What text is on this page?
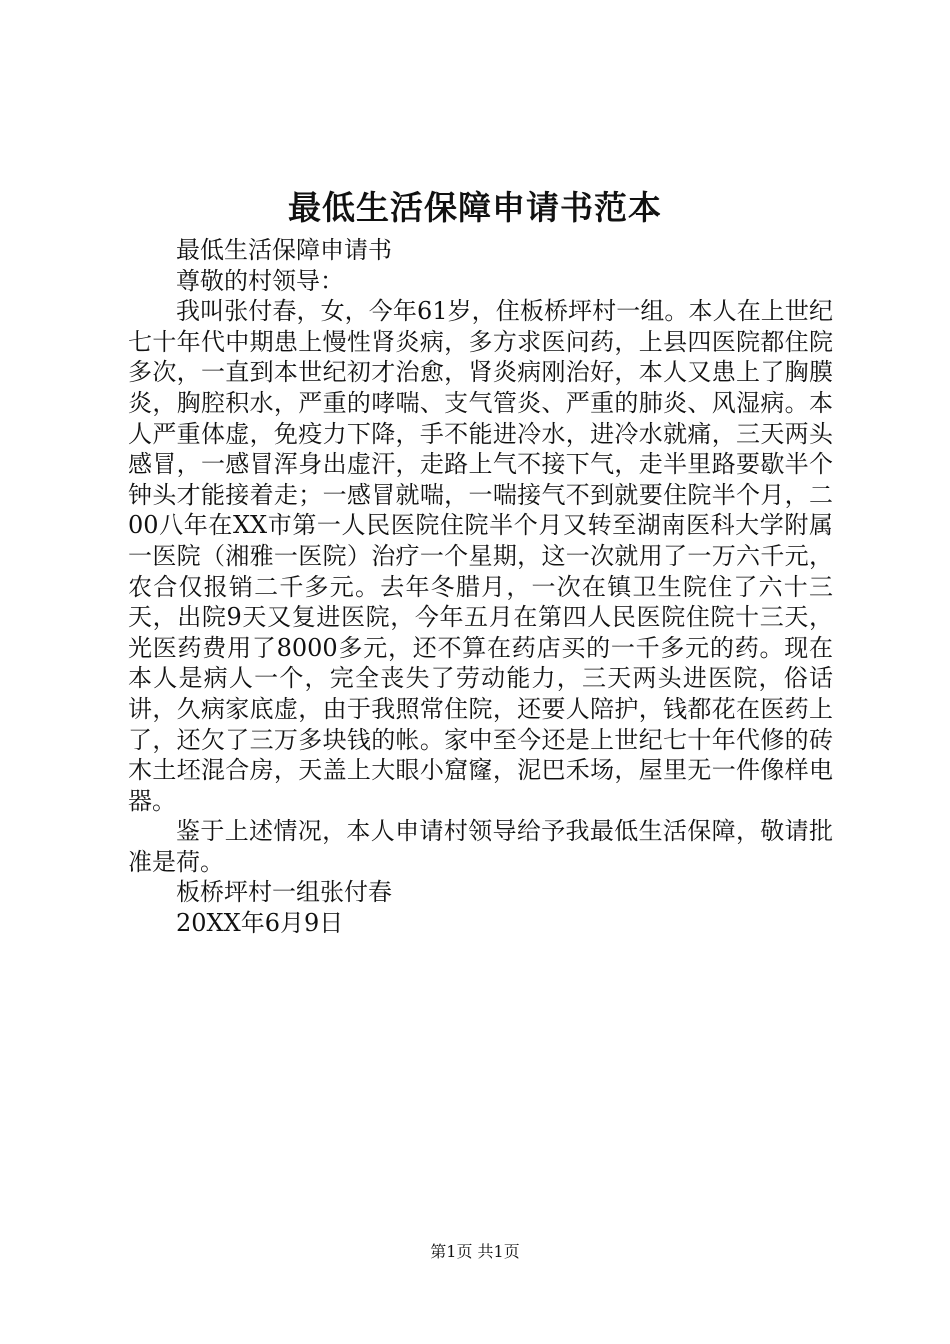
最低生活保障申请书范本

最低生活保障申请书

尊敬的村领导：

我叫张付春，女，今年61岁，住板桥坪村一组。本人在上世纪七十年代中期患上慢性肾炎病，多方求医问药，上县四医院都住院多次，一直到本世纪初才治愈，肾炎病刚治好，本人又患上了胸膜炎，胸腔积水，严重的哮喘、支气管炎、严重的肺炎、风湿病。本人严重体虚，免疫力下降，手不能进冷水，进冷水就痛，三天两头感冒，一感冒浑身出虚汗，走路上气不接下气，走半里路要歇半个钟头才能接着走；一感冒就喘，一喘接气不到就要住院半个月，二00八年在XX市第一人民医院住院半个月又转至湖南医科大学附属一医院（湘雅一医院）治疗一个星期，这一次就用了一万六千元，农合仅报销二千多元。去年冬腊月，一次在镇卫生院住了六十三天，出院9天又复进医院，今年五月在第四人民医院住院十三天，光医药费用了8000多元，还不算在药店买的一千多元的药。现在本人是病人一个，完全丧失了劳动能力，三天两头进医院，俗话讲，久病家底虚，由于我照常住院，还要人陪护，钱都花在医药上了，还欠了三万多块钱的帐。家中至今还是上世纪七十年代修的砖木土坯混合房，天盖上大眼小窟窿，泥巴禾场，屋里无一件像样电器。

鉴于上述情况，本人申请村领导给予我最低生活保障，敬请批准是荷。

板桥坪村一组张付春

20XX年6月9日

第1页 共1页
